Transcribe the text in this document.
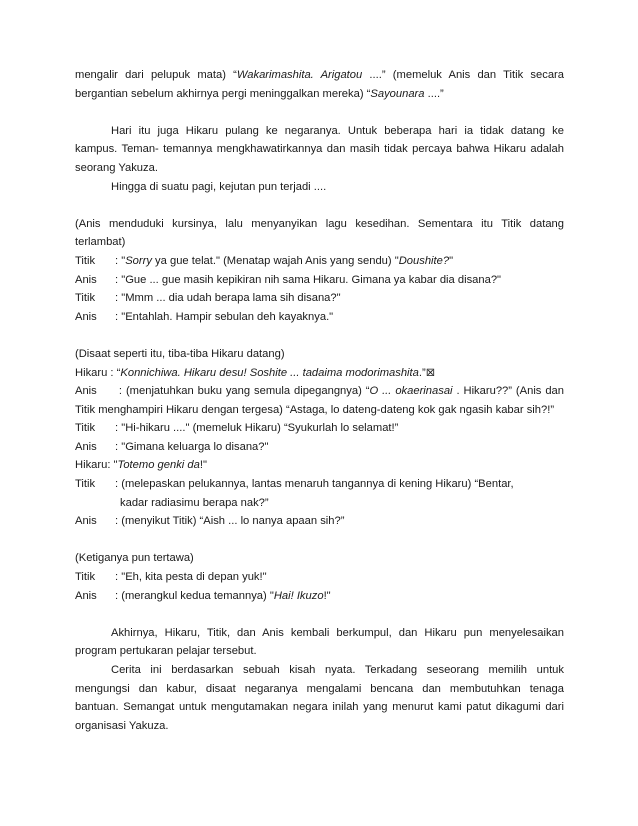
mengalir dari pelupuk mata) “Wakarimashita. Arigatou ....” (memeluk Anis dan Titik secara
bergantian sebelum akhirnya pergi meninggalkan mereka) “Sayounara ....”
Hari itu juga Hikaru pulang ke negaranya. Untuk beberapa hari ia tidak datang ke
kampus. Teman- temannya mengkhawatirkannya dan masih tidak percaya bahwa Hikaru adalah
seorang Yakuza.
Hingga di suatu pagi, kejutan pun terjadi ....
(Anis menduduki kursinya, lalu menyanyikan lagu kesedihan. Sementara itu Titik datang
terlambat)
Titik : "Sorry ya gue telat." (Menatap wajah Anis yang sendu) "Doushite?"
Anis : "Gue ... gue masih kepikiran nih sama Hikaru. Gimana ya kabar dia disana?"
Titik : "Mmm ... dia udah berapa lama sih disana?"
Anis : "Entahlah. Hampir sebulan deh kayaknya."
(Disaat seperti itu, tiba-tiba Hikaru datang)
Hikaru : “Konnichiwa. Hikaru desu! Soshite ... tadaima modorimashita.”⊠
Anis : (menjatuhkan buku yang semula dipegangnya) “O ... okaerinasai . Hikaru??” (Anis dan
Titik menghampiri Hikaru dengan tergesa) “Astaga, lo dateng-dateng kok gak ngasih kabar sih?!”
Titik : "Hi-hikaru ...." (memeluk Hikaru) “Syukurlah lo selamat!”
Anis : "Gimana keluarga lo disana?"
Hikaru: "Totemo genki da!"
Titik : (melepaskan pelukannya, lantas menaruh tangannya di kening Hikaru) “Bentar,
kadar radiasimu berapa nak?”
Anis : (menyikut Titik) “Aish ... lo nanya apaan sih?”
(Ketiganya pun tertawa)
Titik : "Eh, kita pesta di depan yuk!"
Anis : (merangkul kedua temannya) "Hai! Ikuzo!"
Akhirnya, Hikaru, Titik, dan Anis kembali berkumpul, dan Hikaru pun menyelesaikan
program pertukaran pelajar tersebut.
Cerita ini berdasarkan sebuah kisah nyata. Terkadang seseorang memilih untuk
mengungsi dan kabur, disaat negaranya mengalami bencana dan membutuhkan tenaga
bantuan. Semangat untuk mengutamakan negara inilah yang menurut kami patut dikagumi dari
organisasi Yakuza.
